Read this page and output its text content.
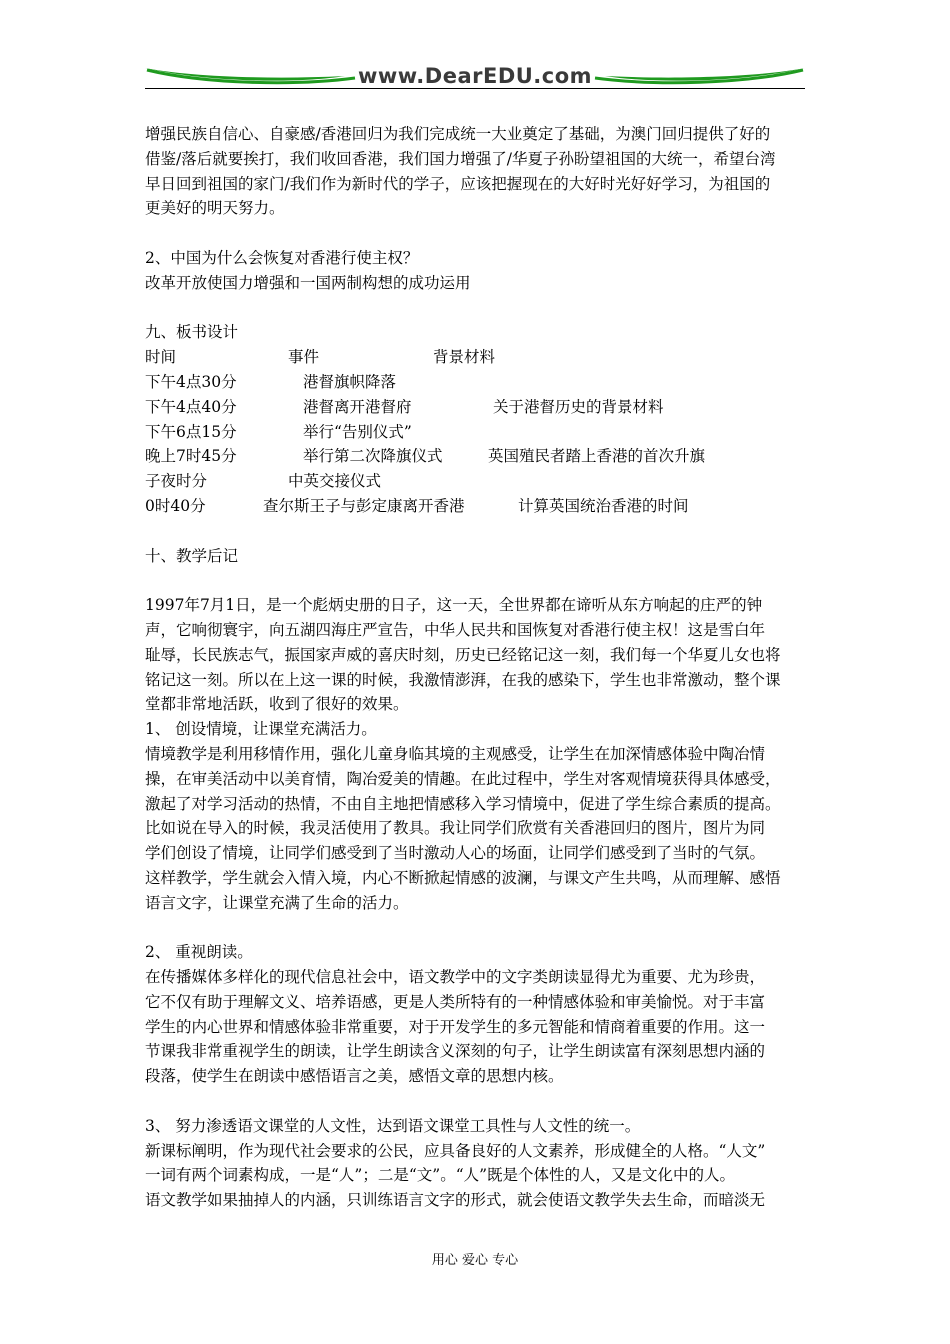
www.DearEDU.com

增强民族自信心、自豪感/香港回归为我们完成统一大业奠定了基础，为澳门回归提供了好的

借鉴/落后就要挨打，我们收回香港，我们国力增强了/华夏子孙盼望祖国的大统一，希望台湾

早日回到祖国的家门/我们作为新时代的学子，应该把握现在的大好时光好好学习，为祖国的

更美好的明天努力。

2、中国为什么会恢复对香港行使主权？

改革开放使国力增强和一国两制构想的成功运用

九、板书设计

时间	事件	背景材料
下午4点30分	港督旗帜降落
下午4点40分	港督离开港督府	关于港督历史的背景材料
下午6点15分	举行“告别仪式”
晚上7时45分	举行第二次降旗仪式	英国殖民者踏上香港的首次升旗
子夜时分	中英交接仪式
0时40分	查尔斯王子与彭定康离开香港	计算英国统治香港的时间

十、教学后记

1997年7月1日，是一个彪炳史册的日子，这一天，全世界都在谛听从东方响起的庄严的钟

声，它响彻寰宇，向五湖四海庄严宣告，中华人民共和国恢复对香港行使主权！这是雪白年

耻辱，长民族志气，振国家声威的喜庆时刻，历史已经铭记这一刻，我们每一个华夏儿女也将

铭记这一刻。所以在上这一课的时候，我激情澎湃，在我的感染下，学生也非常激动，整个课

堂都非常地活跃，收到了很好的效果。

1、 创设情境，让课堂充满活力。

情境教学是利用移情作用，强化儿童身临其境的主观感受，让学生在加深情感体验中陶冶情

操，在审美活动中以美育情，陶冶爱美的情趣。在此过程中，学生对客观情境获得具体感受，

激起了对学习活动的热情，不由自主地把情感移入学习情境中，促进了学生综合素质的提高。

比如说在导入的时候，我灵活使用了教具。我让同学们欣赏有关香港回归的图片，图片为同

学们创设了情境，让同学们感受到了当时激动人心的场面，让同学们感受到了当时的气氛。

这样教学，学生就会入情入境，内心不断掀起情感的波澜，与课文产生共鸣，从而理解、感悟

语言文字，让课堂充满了生命的活力。

2、 重视朗读。

在传播媒体多样化的现代信息社会中，语文教学中的文字类朗读显得尤为重要、尤为珍贵，

它不仅有助于理解文义、培养语感，更是人类所特有的一种情感体验和审美愉悦。对于丰富

学生的内心世界和情感体验非常重要，对于开发学生的多元智能和情商着重要的作用。这一

节课我非常重视学生的朗读，让学生朗读含义深刻的句子，让学生朗读富有深刻思想内涵的

段落，使学生在朗读中感悟语言之美，感悟文章的思想内核。

3、 努力渗透语文课堂的人文性，达到语文课堂工具性与人文性的统一。

新课标阐明，作为现代社会要求的公民，应具备良好的人文素养，形成健全的人格。“人文”

一词有两个词素构成，一是“人”；二是“文”。“人”既是个体性的人，又是文化中的人。

语文教学如果抽掉人的内涵，只训练语言文字的形式，就会使语文教学失去生命，而暗淡无

用心 爱心 专心
